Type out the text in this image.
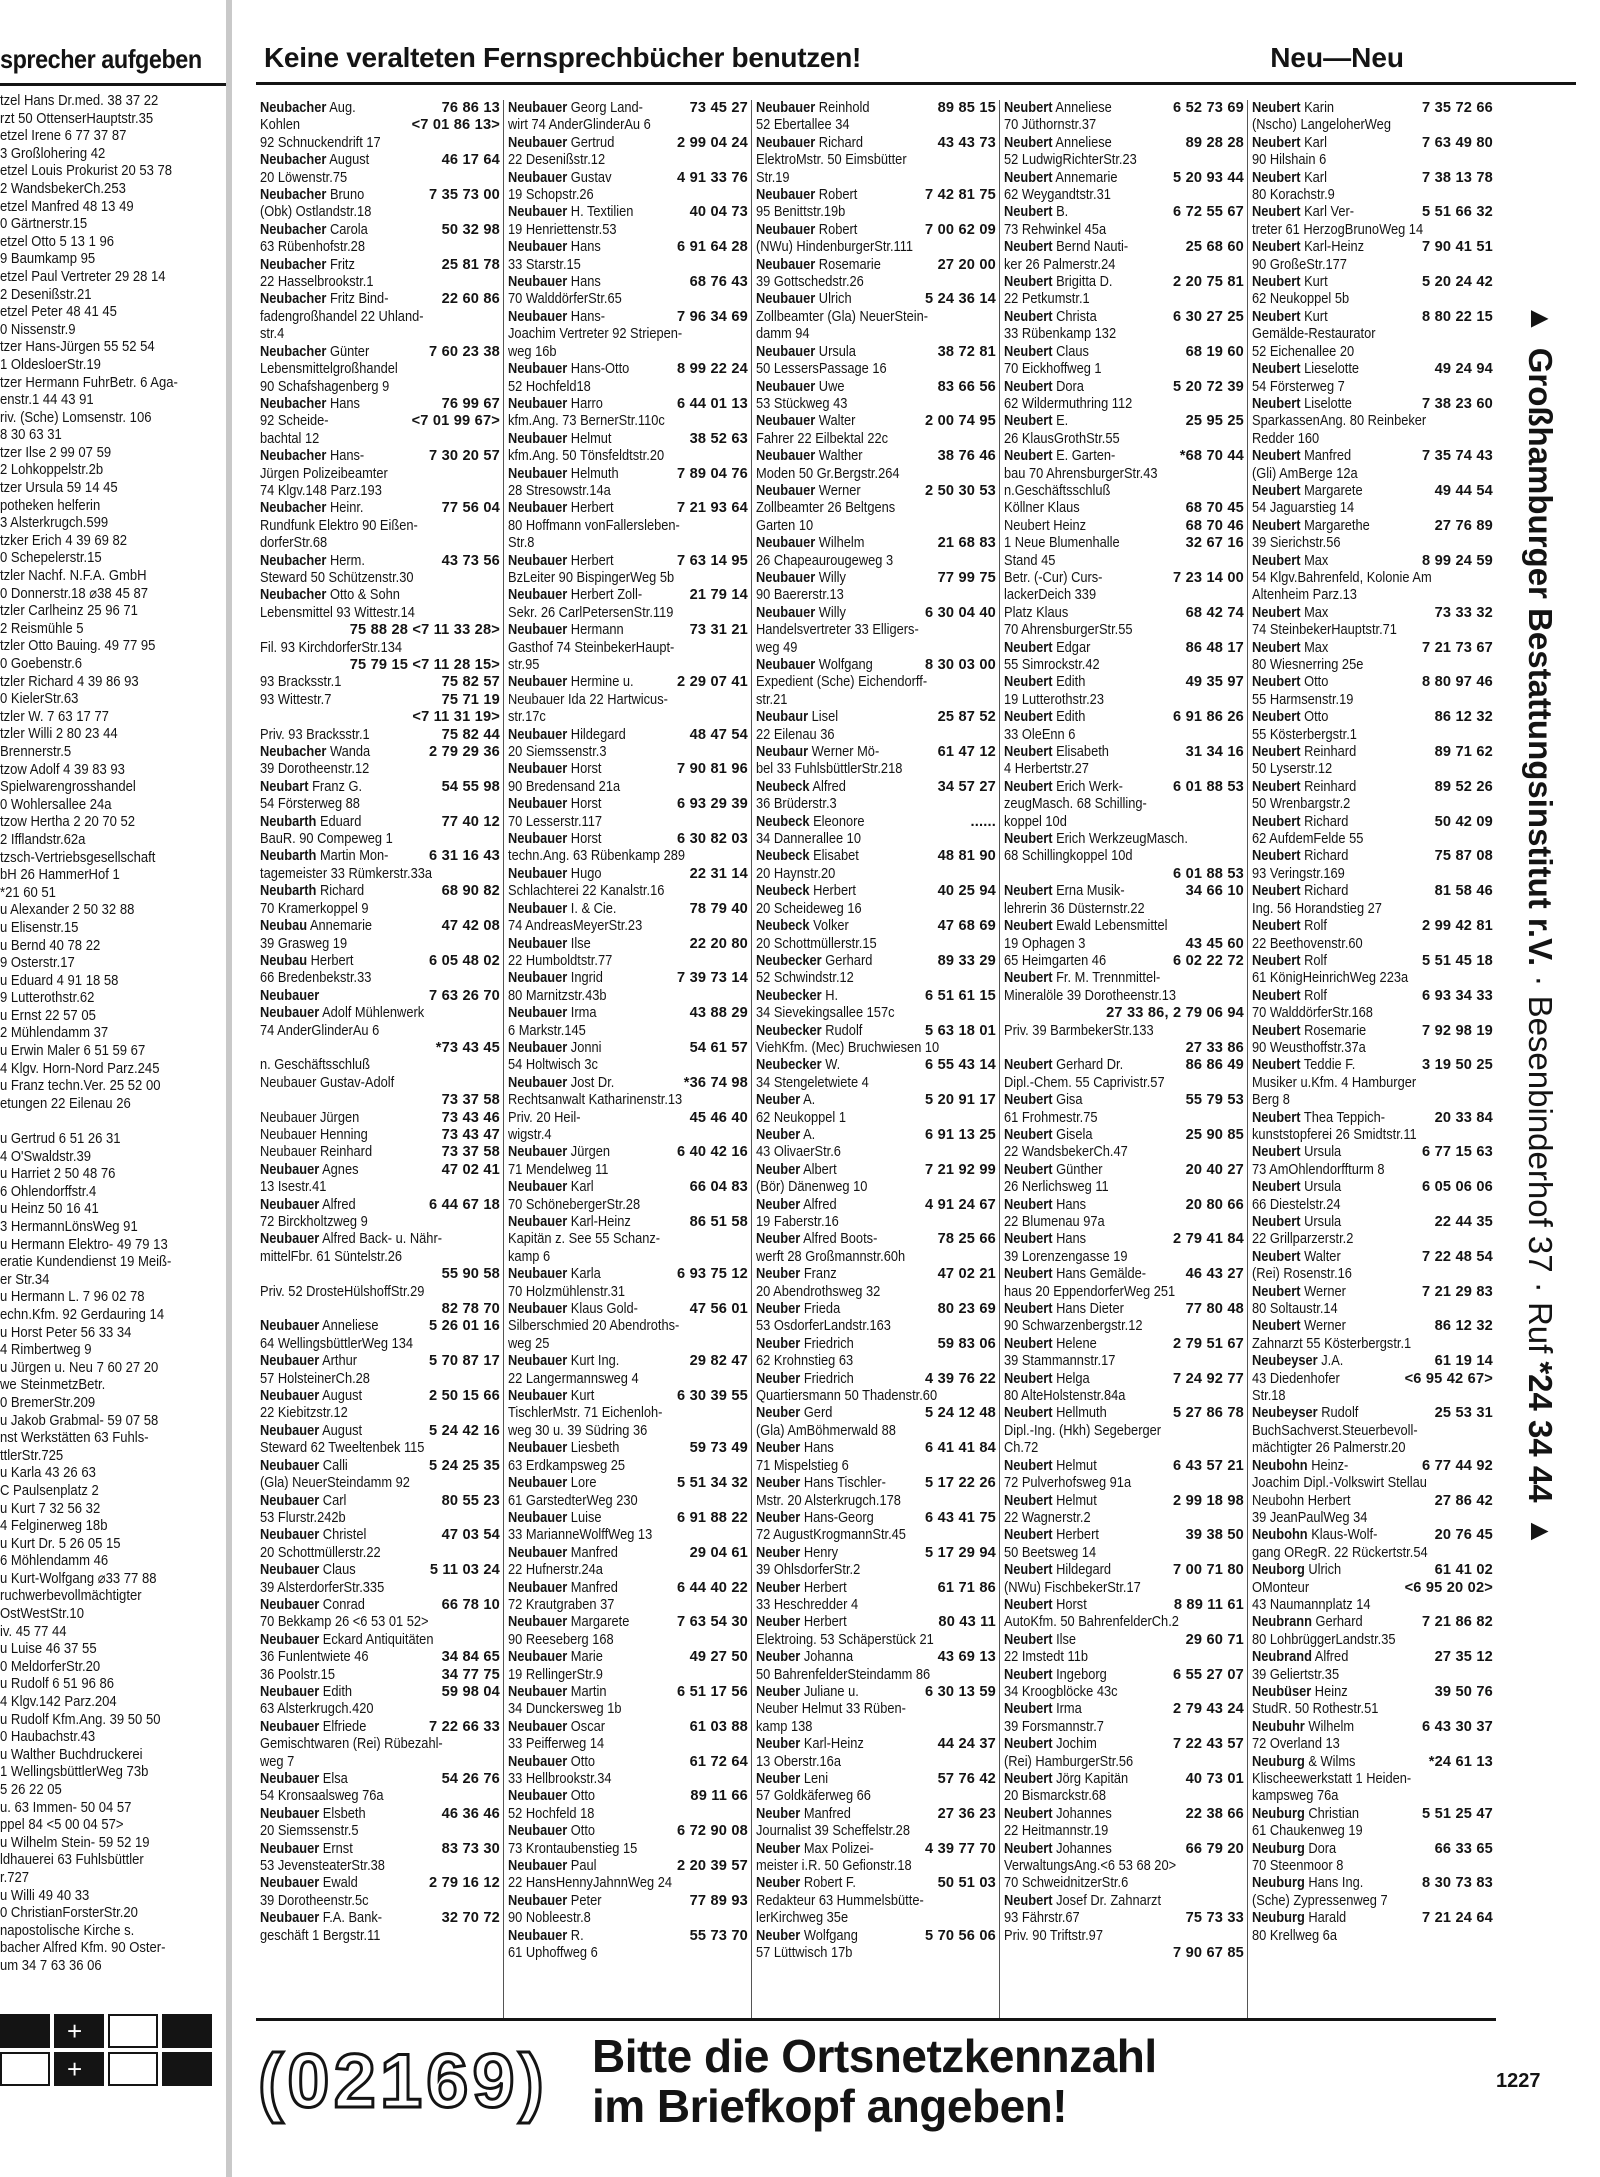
sprecher aufgeben
tzel Hans Dr.med. 38 37 22
rzt 50 OttenserHauptstr.35
etzel Irene 6 77 37 87
3 Großlohering 42
etzel Louis Prokurist 20 53 78
2 WandsbekerCh.253
etzel Manfred 48 13 49
0 Gärtnerstr.15
etzel Otto 5 13 1 96
9 Baumkamp 95
etzel Paul Vertreter 29 28 14
2 Desenißstr.21
etzel Peter 48 41 45
0 Nissenstr.9
tzer Hans-Jürgen 55 52 54
1 OldesloerStr.19
tzer Hermann FuhrBetr. 6 Aga-
enstr.1 44 43 91
riv. (Sche) Lomsenstr. 106
8 30 63 31
tzer Ilse 2 99 07 59
2 Lohkoppelstr.2b
tzer Ursula 59 14 45
potheken helferin
3 Alsterkrugch.599
tzker Erich 4 39 69 82
0 Schepelerstr.15
tzler Nachf. N.F.A. GmbH
0 Donnerstr.18 ⌀38 45 87
tzler Carlheinz 25 96 71
2 Reismühle 5
tzler Otto Bauing. 49 77 95
0 Goebenstr.6
tzler Richard 4 39 86 93
0 KielerStr.63
tzler W. 7 63 17 77
tzler Willi 2 80 23 44
Brennerstr.5
tzow Adolf 4 39 83 93
Spielwarengrosshandel
0 Wohlersallee 24a
tzow Hertha 2 20 70 52
2 Ifflandstr.62a
tzsch-Vertriebsgesellschaft
bH 26 HammerHof 1
*21 60 51
u Alexander 2 50 32 88
u Elisenstr.15
u Bernd 40 78 22
9 Osterstr.17
u Eduard 4 91 18 58
9 Lutterothstr.62
u Ernst 22 57 05
2 Mühlendamm 37
u Erwin Maler 6 51 59 67
4 Klgv. Horn-Nord Parz.245
u Franz techn.Ver. 25 52 00
etungen 22 Eilenau 26

u Gertrud 6 51 26 31
4 O'Swaldstr.39
u Harriet 2 50 48 76
6 Ohlendorffstr.4
u Heinz 50 16 41
3 HermannLönsWeg 91
u Hermann Elektro- 49 79 13
eratie Kundendienst 19 Meiß-
er Str.34
u Hermann L. 7 96 02 78
echn.Kfm. 92 Gerdauring 14
u Horst Peter 56 33 34
4 Rimbertweg 9
u Jürgen u. Neu 7 60 27 20
we SteinmetzBetr.
0 BremerStr.209
u Jakob Grabmal- 59 07 58
nst Werkstätten 63 Fuhls-
ttlerStr.725
u Karla 43 26 63
C Paulsenplatz 2
u Kurt 7 32 56 32
4 Felginerweg 18b
u Kurt Dr. 5 26 05 15
6 Möhlendamm 46
u Kurt-Wolfgang ⌀33 77 88
ruchwerbevollmächtigter
OstWestStr.10
iv. 45 77 44
u Luise 46 37 55
0 MeldorferStr.20
u Rudolf 6 51 96 86
4 Klgv.142 Parz.204
u Rudolf Kfm.Ang. 39 50 50
0 Haubachstr.43
u Walther Buchdruckerei
1 WellingsbüttlerWeg 73b
5 26 22 05
u. 63 Immen- 50 04 57
ppel 84 <5 00 04 57>
u Wilhelm Stein- 59 52 19
ldhauerei 63 Fuhlsbüttler
r.727
u Willi 49 40 33
0 ChristianForsterStr.20
napostolische Kirche s.
bacher Alfred Kfm. 90 Oster-
um 34 7 63 36 06
+
+
Keine veralteten Fernsprechbücher benutzen!	Neu—Neu
Neubacher Aug.	76 86 13
Kohlen	<7 01 86 13>
92 Schnuckendrift 17
Neubacher August	46 17 64
20 Löwenstr.75
Neubacher Bruno	7 35 73 00
(Obk) Ostlandstr.18
Neubacher Carola	50 32 98
63 Rübenhofstr.28
Neubacher Fritz	25 81 78
22 Hasselbrookstr.1
Neubacher Fritz Bind-	22 60 86
fadengroßhandel 22 Uhland-
str.4
Neubacher Günter	7 60 23 38
Lebensmittelgroßhandel
90 Schafshagenberg 9
Neubacher Hans	76 99 67
92 Scheide-	<7 01 99 67>
bachtal 12
Neubacher Hans-	7 30 20 57
Jürgen Polizeibeamter
74 Klgv.148 Parz.193
Neubacher Heinr.	77 56 04
Rundfunk Elektro 90 Eißen-
dorferStr.68
Neubacher Herm.	43 73 56
Steward 50 Schützenstr.30
Neubacher Otto & Sohn
Lebensmittel 93 Wittestr.14
75 88 28 <7 11 33 28>
Fil. 93 KirchdorferStr.134
75 79 15 <7 11 28 15>
93 Bracksstr.1	75 82 57
93 Wittestr.7	75 71 19
<7 11 31 19>
Priv. 93 Bracksstr.1	75 82 44
Neubacher Wanda	2 79 29 36
39 Dorotheenstr.12
Neubart Franz G.	54 55 98
54 Försterweg 88
Neubarth Eduard	77 40 12
BauR. 90 Compeweg 1
Neubarth Martin Mon-	6 31 16 43
tagemeister 33 Rümkerstr.33a
Neubarth Richard	68 90 82
70 Kramerkoppel 9
Neubau Annemarie	47 42 08
39 Grasweg 19
Neubau Herbert	6 05 48 02
66 Bredenbekstr.33
Neubauer	7 63 26 70
Neubauer Adolf Mühlenwerk
74 AnderGlinderAu 6
*73 43 45
n. Geschäftsschluß
Neubauer Gustav-Adolf
73 37 58
Neubauer Jürgen	73 43 46
Neubauer Henning	73 43 47
Neubauer Reinhard	73 37 58
Neubauer Agnes	47 02 41
13 Isestr.41
Neubauer Alfred	6 44 67 18
72 Birckholtzweg 9
Neubauer Alfred Back- u. Nähr-
mittelFbr. 61 Süntelstr.26
55 90 58
Priv. 52 DrosteHülshoffStr.29
82 78 70
Neubauer Anneliese	5 26 01 16
64 WellingsbüttlerWeg 134
Neubauer Arthur	5 70 87 17
57 HolsteinerCh.28
Neubauer August	2 50 15 66
22 Kiebitzstr.12
Neubauer August	5 24 42 16
Steward 62 Tweeltenbek 115
Neubauer Calli	5 24 25 35
(Gla) NeuerSteindamm 92
Neubauer Carl	80 55 23
53 Flurstr.242b
Neubauer Christel	47 03 54
20 Schottmüllerstr.22
Neubauer Claus	5 11 03 24
39 AlsterdorferStr.335
Neubauer Conrad	66 78 10
70 Bekkamp 26 <6 53 01 52>
Neubauer Eckard Antiquitäten
36 Funlentwiete 46	34 84 65
36 Poolstr.15	34 77 75
Neubauer Edith	59 98 04
63 Alsterkrugch.420
Neubauer Elfriede	7 22 66 33
Gemischtwaren (Rei) Rübezahl-
weg 7
Neubauer Elsa	54 26 76
54 Kronsaalsweg 76a
Neubauer Elsbeth	46 36 46
20 Siemssenstr.5
Neubauer Ernst	83 73 30
53 JevensteaterStr.38
Neubauer Ewald	2 79 16 12
39 Dorotheenstr.5c
Neubauer F.A. Bank-	32 70 72
geschäft 1 Bergstr.11
Neubauer Georg Land-	73 45 27
wirt 74 AnderGlinderAu 6
Neubauer Gertrud	2 99 04 24
22 Desenißstr.12
Neubauer Gustav	4 91 33 76
19 Schopstr.26
Neubauer H. Textilien	40 04 73
19 Henriettenstr.53
Neubauer Hans	6 91 64 28
33 Starstr.15
Neubauer Hans	68 76 43
70 WalddörferStr.65
Neubauer Hans-	7 96 34 69
Joachim Vertreter 92 Striepen-
weg 16b
Neubauer Hans-Otto	8 99 22 24
52 Hochfeld18
Neubauer Harro	6 44 01 13
kfm.Ang. 73 BernerStr.110c
Neubauer Helmut	38 52 63
kfm.Ang. 50 Tönsfeldtstr.20
Neubauer Helmuth	7 89 04 76
28 Stresowstr.14a
Neubauer Herbert	7 21 93 64
80 Hoffmann vonFallersleben-
Str.8
Neubauer Herbert	7 63 14 95
BzLeiter 90 BispingerWeg 5b
Neubauer Herbert Zoll-	21 79 14
Sekr. 26 CarlPetersenStr.119
Neubauer Hermann	73 31 21
Gasthof 74 SteinbekerHaupt-
str.95
Neubauer Hermine u.	2 29 07 41
Neubauer Ida 22 Hartwicus-
str.17c
Neubauer Hildegard	48 47 54
20 Siemssenstr.3
Neubauer Horst	7 90 81 96
90 Bredensand 21a
Neubauer Horst	6 93 29 39
70 Lesserstr.117
Neubauer Horst	6 30 82 03
techn.Ang. 63 Rübenkamp 289
Neubauer Hugo	22 31 14
Schlachterei 22 Kanalstr.16
Neubauer I. & Cie.	78 79 40
74 AndreasMeyerStr.23
Neubauer Ilse	22 20 80
22 Humboldtstr.77
Neubauer Ingrid	7 39 73 14
80 Marnitzstr.43b
Neubauer Irma	43 88 29
6 Markstr.145
Neubauer Jonni	54 61 57
54 Holtwisch 3c
Neubauer Jost Dr.	*36 74 98
Rechtsanwalt Katharinenstr.13
Priv. 20 Heil-	45 46 40
wigstr.4
Neubauer Jürgen	6 40 42 16
71 Mendelweg 11
Neubauer Karl	66 04 83
70 SchönebergerStr.28
Neubauer Karl-Heinz	86 51 58
Kapitän z. See 55 Schanz-
kamp 6
Neubauer Karla	6 93 75 12
70 Holzmühlenstr.31
Neubauer Klaus Gold-	47 56 01
Silberschmied 20 Abendroths-
weg 25
Neubauer Kurt Ing.	29 82 47
22 Langermannsweg 4
Neubauer Kurt	6 30 39 55
TischlerMstr. 71 Eichenloh-
weg 30 u. 39 Südring 36
Neubauer Liesbeth	59 73 49
63 Erdkampsweg 25
Neubauer Lore	5 51 34 32
61 GarstedterWeg 230
Neubauer Luise	6 91 88 22
33 MarianneWolffWeg 13
Neubauer Manfred	29 04 61
22 Hufnerstr.24a
Neubauer Manfred	6 44 40 22
72 Krautgraben 37
Neubauer Margarete	7 63 54 30
90 Reeseberg 168
Neubauer Marie	49 27 50
19 RellingerStr.9
Neubauer Martin	6 51 17 56
34 Dunckersweg 1b
Neubauer Oscar	61 03 88
33 Peifferweg 14
Neubauer Otto	61 72 64
33 Hellbrookstr.34
Neubauer Otto	89 11 66
52 Hochfeld 18
Neubauer Otto	6 72 90 08
73 Krontaubenstieg 15
Neubauer Paul	2 20 39 57
22 HansHennyJahnnWeg 24
Neubauer Peter	77 89 93
90 Nobleestr.8
Neubauer R.	55 73 70
61 Uphoffweg 6
Neubauer Reinhold	89 85 15
52 Ebertallee 34
Neubauer Richard	43 43 73
ElektroMstr. 50 Eimsbütter
Str.19
Neubauer Robert	7 42 81 75
95 Benittstr.19b
Neubauer Robert	7 00 62 09
(NWu) HindenburgerStr.111
Neubauer Rosemarie	27 20 00
39 Gottschedstr.26
Neubauer Ulrich	5 24 36 14
Zollbeamter (Gla) NeuerStein-
damm 94
Neubauer Ursula	38 72 81
50 LessersPassage 16
Neubauer Uwe	83 66 56
53 Stückweg 43
Neubauer Walter	2 00 74 95
Fahrer 22 Eilbektal 22c
Neubauer Walther	38 76 46
Moden 50 Gr.Bergstr.264
Neubauer Werner	2 50 30 53
Zollbeamter 26 Beltgens
Garten 10
Neubauer Wilhelm	21 68 83
26 Chapeaurougeweg 3
Neubauer Willy	77 99 75
90 Baererstr.13
Neubauer Willy	6 30 04 40
Handelsvertreter 33 Elligers-
weg 49
Neubauer Wolfgang	8 30 03 00
Expedient (Sche) Eichendorff-
str.21
Neubaur Lisel	25 87 52
22 Eilenau 36
Neubaur Werner Mö-	61 47 12
bel 33 FuhlsbüttlerStr.218
Neubeck Alfred	34 57 27
36 Brüderstr.3
Neubeck Eleonore	......
34 Dannerallee 10
Neubeck Elisabet	48 81 90
20 Haynstr.20
Neubeck Herbert	40 25 94
20 Scheideweg 16
Neubeck Volker	47 68 69
20 Schottmüllerstr.15
Neubecker Gerhard	89 33 29
52 Schwindstr.12
Neubecker H.	6 51 61 15
34 Sievekingsallee 157c
Neubecker Rudolf	5 63 18 01
ViehKfm. (Mec) Bruchwiesen 10
Neubecker W.	6 55 43 14
34 Stengeletwiete 4
Neuber A.	5 20 91 17
62 Neukoppel 1
Neuber A.	6 91 13 25
43 OlivaerStr.6
Neuber Albert	7 21 92 99
(Bör) Dänenweg 10
Neuber Alfred	4 91 24 67
19 Faberstr.16
Neuber Alfred Boots-	78 25 66
werft 28 Großmannstr.60h
Neuber Franz	47 02 21
20 Abendrothsweg 32
Neuber Frieda	80 23 69
53 OsdorferLandstr.163
Neuber Friedrich	59 83 06
62 Krohnstieg 63
Neuber Friedrich	4 39 76 22
Quartiersmann 50 Thadenstr.60
Neuber Gerd	5 24 12 48
(Gla) AmBöhmerwald 88
Neuber Hans	6 41 41 84
71 Mispelstieg 6
Neuber Hans Tischler-	5 17 22 26
Mstr. 20 Alsterkrugch.178
Neuber Hans-Georg	6 43 41 75
72 AugustKrogmannStr.45
Neuber Henry	5 17 29 94
39 OhlsdorferStr.2
Neuber Herbert	61 71 86
33 Heschredder 4
Neuber Herbert	80 43 11
Elektroing. 53 Schäperstück 21
Neuber Johanna	43 69 13
50 BahrenfelderSteindamm 86
Neuber Juliane u.	6 30 13 59
Neuber Helmut 33 Rüben-
kamp 138
Neuber Karl-Heinz	44 24 37
13 Oberstr.16a
Neuber Leni	57 76 42
57 Goldkäferweg 66
Neuber Manfred	27 36 23
Journalist 39 Scheffelstr.28
Neuber Max Polizei-	4 39 77 70
meister i.R. 50 Gefionstr.18
Neuber Robert F.	50 51 03
Redakteur 63 Hummelsbütte-
lerKirchweg 35e
Neuber Wolfgang	5 70 56 06
57 Lüttwisch 17b
Neubert Anneliese	6 52 73 69
70 Jüthornstr.37
Neubert Anneliese	89 28 28
52 LudwigRichterStr.23
Neubert Annemarie	5 20 93 44
62 Weygandtstr.31
Neubert B.	6 72 55 67
73 Rehwinkel 45a
Neubert Bernd Nauti-	25 68 60
ker 26 Palmerstr.24
Neubert Brigitta D.	2 20 75 81
22 Petkumstr.1
Neubert Christa	6 30 27 25
33 Rübenkamp 132
Neubert Claus	68 19 60
70 Eickhoffweg 1
Neubert Dora	5 20 72 39
62 Wildermuthring 112
Neubert E.	25 95 25
26 KlausGrothStr.55
Neubert E. Garten-	*68 70 44
bau 70 AhrensburgerStr.43
n.Geschäftsschluß
Köllner Klaus	68 70 45
Neubert Heinz	68 70 46
1 Neue Blumenhalle	32 67 16
Stand 45
Betr. (-Cur) Curs-	7 23 14 00
lackerDeich 339
Platz Klaus	68 42 74
70 AhrensburgerStr.55
Neubert Edgar	86 48 17
55 Simrockstr.42
Neubert Edith	49 35 97
19 Lutterothstr.23
Neubert Edith	6 91 86 26
33 OleEnn 6
Neubert Elisabeth	31 34 16
4 Herbertstr.27
Neubert Erich Werk-	6 01 88 53
zeugMasch. 68 Schilling-
koppel 10d
Neubert Erich WerkzeugMasch.
68 Schillingkoppel 10d
6 01 88 53
Neubert Erna Musik-	34 66 10
lehrerin 36 Düsternstr.22
Neubert Ewald Lebensmittel
19 Ophagen 3	43 45 60
65 Heimgarten 46	6 02 22 72
Neubert Fr. M. Trennmittel-
Mineralöle 39 Dorotheenstr.13
27 33 86, 2 79 06 94
Priv. 39 BarmbekerStr.133
27 33 86
Neubert Gerhard Dr.	86 86 49
Dipl.-Chem. 55 Caprivistr.57
Neubert Gisa	55 79 53
61 Frohmestr.75
Neubert Gisela	25 90 85
22 WandsbekerCh.47
Neubert Günther	20 40 27
26 Nerlichsweg 11
Neubert Hans	20 80 66
22 Blumenau 97a
Neubert Hans	2 79 41 84
39 Lorenzengasse 19
Neubert Hans Gemälde-	46 43 27
haus 20 EppendorferWeg 251
Neubert Hans Dieter	77 80 48
90 Schwarzenbergstr.12
Neubert Helene	2 79 51 67
39 Stammannstr.17
Neubert Helga	7 24 92 77
80 AlteHolstenstr.84a
Neubert Hellmuth	5 27 86 78
Dipl.-Ing. (Hkh) Segeberger
Ch.72
Neubert Helmut	6 43 57 21
72 Pulverhofsweg 91a
Neubert Helmut	2 99 18 98
22 Wagnerstr.2
Neubert Herbert	39 38 50
50 Beetsweg 14
Neubert Hildegard	7 00 71 80
(NWu) FischbekerStr.17
Neubert Horst	8 89 11 61
AutoKfm. 50 BahrenfelderCh.2
Neubert Ilse	29 60 71
22 Imstedt 11b
Neubert Ingeborg	6 55 27 07
34 Kroogblöcke 43c
Neubert Irma	2 79 43 24
39 Forsmannstr.7
Neubert Jochim	7 22 43 57
(Rei) HamburgerStr.56
Neubert Jörg Kapitän	40 73 01
20 Bismarckstr.68
Neubert Johannes	22 38 66
22 Heitmannstr.19
Neubert Johannes	66 79 20
VerwaltungsAng.<6 53 68 20>
70 SchweidnitzerStr.6
Neubert Josef Dr. Zahnarzt
93 Fährstr.67	75 73 33
Priv. 90 Triftstr.97
7 90 67 85
Neubert Karin	7 35 72 66
(Nscho) LangeloherWeg
Neubert Karl	7 63 49 80
90 Hilshain 6
Neubert Karl	7 38 13 78
80 Korachstr.9
Neubert Karl Ver-	5 51 66 32
treter 61 HerzogBrunoWeg 14
Neubert Karl-Heinz	7 90 41 51
90 GroßeStr.177
Neubert Kurt	5 20 24 42
62 Neukoppel 5b
Neubert Kurt	8 80 22 15
Gemälde-Restaurator
52 Eichenallee 20
Neubert Lieselotte	49 24 94
54 Försterweg 7
Neubert Liselotte	7 38 23 60
SparkassenAng. 80 Reinbeker
Redder 160
Neubert Manfred	7 35 74 43
(Gli) AmBerge 12a
Neubert Margarete	49 44 54
54 Jaguarstieg 14
Neubert Margarethe	27 76 89
39 Sierichstr.56
Neubert Max	8 99 24 59
54 Klgv.Bahrenfeld, Kolonie Am
Altenheim Parz.13
Neubert Max	73 33 32
74 SteinbekerHauptstr.71
Neubert Max	7 21 73 67
80 Wiesnerring 25e
Neubert Otto	8 80 97 46
55 Harmsenstr.19
Neubert Otto	86 12 32
55 Kösterbergstr.1
Neubert Reinhard	89 71 62
50 Lyserstr.12
Neubert Reinhard	89 52 26
50 Wrenbargstr.2
Neubert Richard	50 42 09
62 AufdemFelde 55
Neubert Richard	75 87 08
93 Veringstr.169
Neubert Richard	81 58 46
Ing. 56 Horandstieg 27
Neubert Rolf	2 99 42 81
22 Beethovenstr.60
Neubert Rolf	5 51 45 18
61 KönigHeinrichWeg 223a
Neubert Rolf	6 93 34 33
70 WalddörferStr.168
Neubert Rosemarie	7 92 98 19
90 Weusthoffstr.37a
Neubert Teddie F.	3 19 50 25
Musiker u.Kfm. 4 Hamburger
Berg 8
Neubert Thea Teppich-	20 33 84
kunststopferei 26 Smidtstr.11
Neubert Ursula	6 77 15 63
73 AmOhlendorffturm 8
Neubert Ursula	6 05 06 06
66 Diestelstr.24
Neubert Ursula	22 44 35
22 Grillparzerstr.2
Neubert Walter	7 22 48 54
(Rei) Rosenstr.16
Neubert Werner	7 21 29 83
80 Soltaustr.14
Neubert Werner	86 12 32
Zahnarzt 55 Kösterbergstr.1
Neubeyser J.A.	61 19 14
43 Diedenhofer	<6 95 42 67>
Str.18
Neubeyser Rudolf	25 53 31
BuchSachverst.Steuerbevoll-
mächtigter 26 Palmerstr.20
Neubohn Heinz-	6 77 44 92
Joachim Dipl.-Volkswirt Stellau
Neubohn Herbert	27 86 42
39 JeanPaulWeg 34
Neubohn Klaus-Wolf-	20 76 45
gang ORegR. 22 Rückertstr.54
Neuborg Ulrich	61 41 02
OMonteur	<6 95 20 02>
43 Naumannplatz 14
Neubrann Gerhard	7 21 86 82
80 LohbrüggerLandstr.35
Neubrand Alfred	27 35 12
39 Geliertstr.35
Neubüser Heinz	39 50 76
StudR. 50 Rothestr.51
Neubuhr Wilhelm	6 43 30 37
72 Overland 13
Neuburg & Wilms	*24 61 13
Klischeewerkstatt 1 Heiden-
kampsweg 76a
Neuburg Christian	5 51 25 47
61 Chaukenweg 19
Neuburg Dora	66 33 65
70 Steenmoor 8
Neuburg Hans Ing.	8 30 73 83
(Sche) Zypressenweg 7
Neuburg Harald	7 21 24 64
80 Krellweg 6a
▲
Großhamburger Bestattungsinstitut r.V.
·
Besenbinderhof 37
·
Ruf
*24 34 44
▲
(02169) Bitte die Ortsnetzkennzahl
im Briefkopf angeben!	1227
